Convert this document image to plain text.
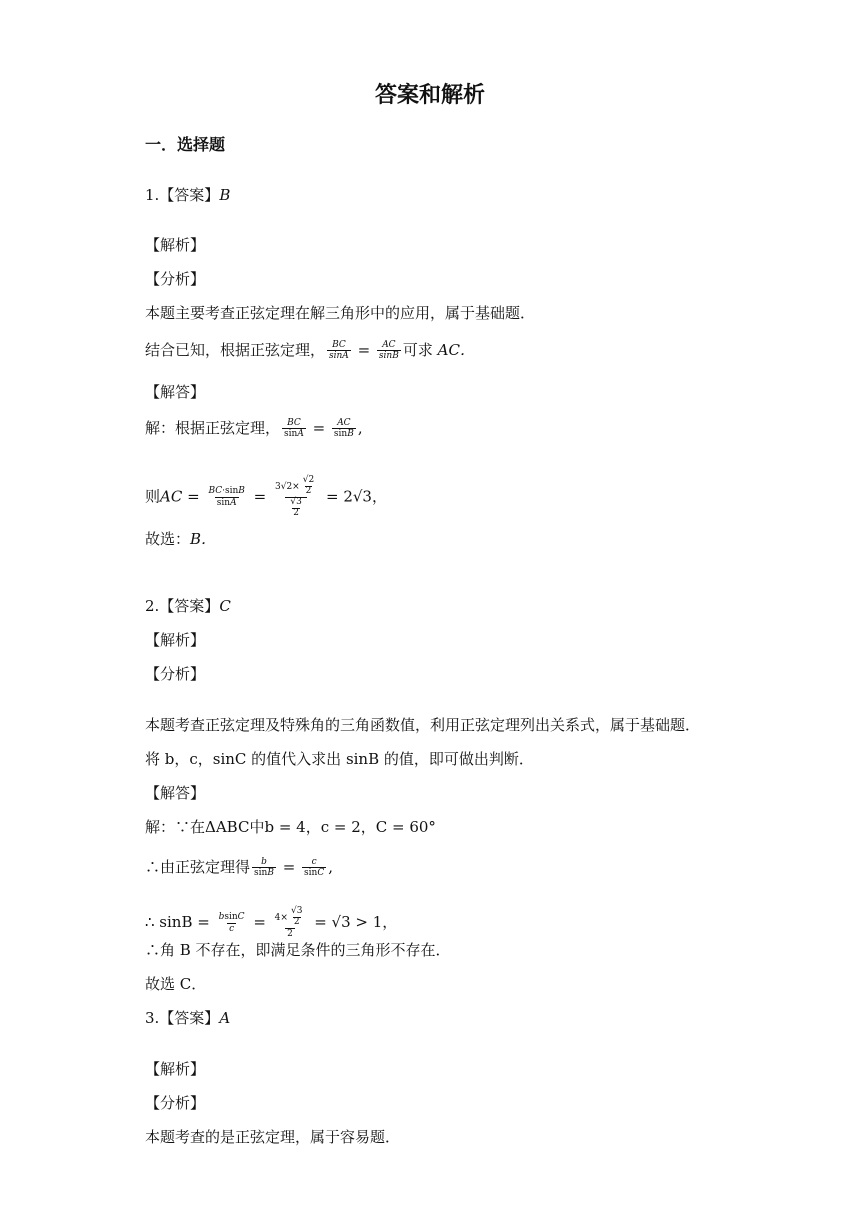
答案和解析
一．选择题
1.【答案】B
【解析】
【分析】
本题主要考查正弦定理在解三角形中的应用，属于基础题．
结合已知，根据正弦定理， $\frac{BC}{\sin A} = \frac{AC}{\sin B}$ 可求 AC．
【解答】
解：根据正弦定理， $\frac{BC}{\sin A} = \frac{AC}{\sin B}$ ,
则AC = $\frac{BC\cdot\sin B}{\sin A} = \frac{3√2\times \frac{√2}{2}}{\frac{√3}{2}} = 2√3$，
故选：B．
2.【答案】C
【解析】
【分析】
本题考查正弦定理及特殊角的三角函数值，利用正弦定理列出关系式，属于基础题．
将 b，c，sinC 的值代入求出 sinB 的值，即可做出判断．
【解答】
解：∵在ΔABC中b = 4，c = 2，C = 60°
∴由正弦定理得 $\frac{b}{\sin B} = \frac{c}{\sin C}$ ,
∴ $\sin B = \frac{bsinC}{c} = \frac{4\times \frac{√3}{2}}{2} = √3 > 1$，
∴角 B 不存在，即满足条件的三角形不存在．
故选 C．
3.【答案】A
【解析】
【分析】
本题考查的是正弦定理，属于容易题．
